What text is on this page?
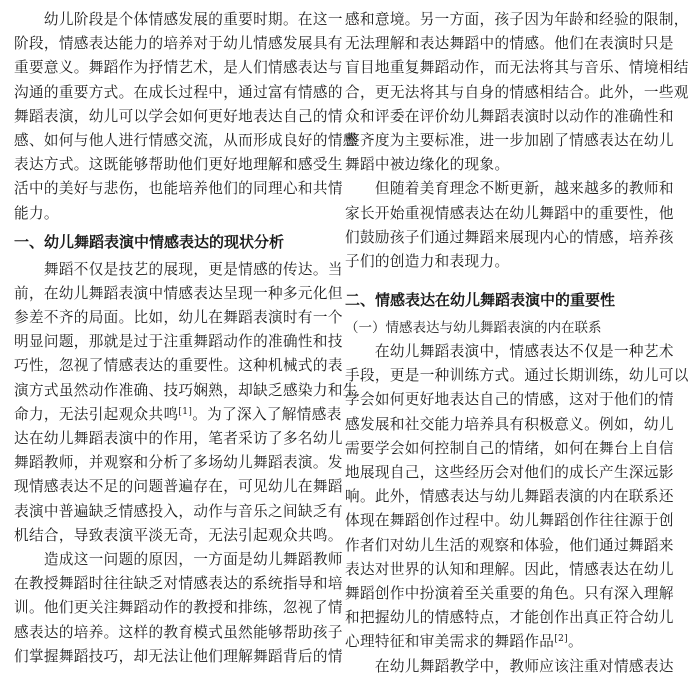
　　幼儿阶段是个体情感发展的重要时期。在这一
阶段，情感表达能力的培养对于幼儿情感发展具有
重要意义。舞蹈作为抒情艺术，是人们情感表达与
沟通的重要方式。在成长过程中，通过富有情感的
舞蹈表演，幼儿可以学会如何更好地表达自己的情
感、如何与他人进行情感交流，从而形成良好的情感
表达方式。这既能够帮助他们更好地理解和感受生
活中的美好与悲伤，也能培养他们的同理心和共情
能力。
一、幼儿舞蹈表演中情感表达的现状分析
　　舞蹈不仅是技艺的展现，更是情感的传达。当
前，在幼儿舞蹈表演中情感表达呈现一种多元化但
参差不齐的局面。比如，幼儿在舞蹈表演时有一个
明显问题，那就是过于注重舞蹈动作的准确性和技
巧性，忽视了情感表达的重要性。这种机械式的表
演方式虽然动作准确、技巧娴熟，却缺乏感染力和生
命力，无法引起观众共鸣[1]。为了深入了解情感表
达在幼儿舞蹈表演中的作用，笔者采访了多名幼儿
舞蹈教师，并观察和分析了多场幼儿舞蹈表演。发
现情感表达不足的问题普遍存在，可见幼儿在舞蹈
表演中普遍缺乏情感投入，动作与音乐之间缺乏有
机结合，导致表演平淡无奇，无法引起观众共鸣。
　　造成这一问题的原因，一方面是幼儿舞蹈教师
在教授舞蹈时往往缺乏对情感表达的系统指导和培
训。他们更关注舞蹈动作的教授和排练，忽视了情
感表达的培养。这样的教育模式虽然能够帮助孩子
们掌握舞蹈技巧，却无法让他们理解舞蹈背后的情
感和意境。另一方面，孩子因为年龄和经验的限制，
无法理解和表达舞蹈中的情感。他们在表演时只是
盲目地重复舞蹈动作，而无法将其与音乐、情境相结
合，更无法将其与自身的情感相结合。此外，一些观
众和评委在评价幼儿舞蹈表演时以动作的准确性和
整齐度为主要标准，进一步加剧了情感表达在幼儿
舞蹈中被边缘化的现象。
　　但随着美育理念不断更新，越来越多的教师和
家长开始重视情感表达在幼儿舞蹈中的重要性，他
们鼓励孩子们通过舞蹈来展现内心的情感，培养孩
子们的创造力和表现力。
二、情感表达在幼儿舞蹈表演中的重要性
（一）情感表达与幼儿舞蹈表演的内在联系
　　在幼儿舞蹈表演中，情感表达不仅是一种艺术
手段，更是一种训练方式。通过长期训练，幼儿可以
学会如何更好地表达自己的情感，这对于他们的情
感发展和社交能力培养具有积极意义。例如，幼儿
需要学会如何控制自己的情绪，如何在舞台上自信
地展现自己，这些经历会对他们的成长产生深远影
响。此外，情感表达与幼儿舞蹈表演的内在联系还
体现在舞蹈创作过程中。幼儿舞蹈创作往往源于创
作者们对幼儿生活的观察和体验，他们通过舞蹈来
表达对世界的认知和理解。因此，情感表达在幼儿
舞蹈创作中扮演着至关重要的角色。只有深入理解
和把握幼儿的情感特点，才能创作出真正符合幼儿
心理特征和审美需求的舞蹈作品[2]。
　　在幼儿舞蹈教学中，教师应该注重对情感表达
